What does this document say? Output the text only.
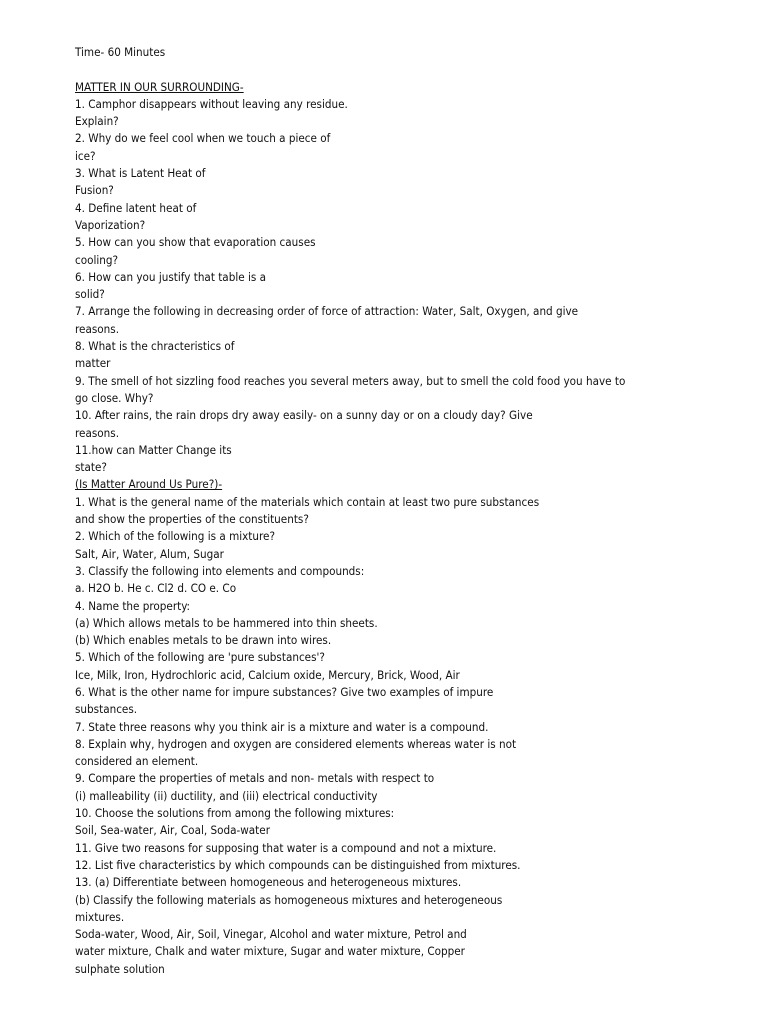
Time- 60 Minutes
MATTER IN OUR SURROUNDING-
1. Camphor disappears without leaving any residue.
Explain?
2. Why do we feel cool when we touch a piece of
ice?
3. What is Latent Heat of
Fusion?
4. Define latent heat of
Vaporization?
5. How can you show that evaporation causes
cooling?
6. How can you justify that table is a
solid?
7. Arrange the following in decreasing order of force of attraction: Water, Salt, Oxygen, and give
reasons.
8. What is the chracteristics of
matter
9. The smell of hot sizzling food reaches you several meters away, but to smell the cold food you have to
go close. Why?
10. After rains, the rain drops dry away easily- on a sunny day or on a cloudy day? Give
reasons.
11.how can Matter Change its
state?
(Is Matter Around Us Pure?)-
1. What is the general name of the materials which contain at least two pure substances
and show the properties of the constituents?
2. Which of the following is a mixture?
Salt, Air, Water, Alum, Sugar
3. Classify the following into elements and compounds:
a. H2O b. He c. Cl2 d. CO e. Co
4. Name the property:
(a) Which allows metals to be hammered into thin sheets.
(b) Which enables metals to be drawn into wires.
5. Which of the following are 'pure substances'?
Ice, Milk, Iron, Hydrochloric acid, Calcium oxide, Mercury, Brick, Wood, Air
6. What is the other name for impure substances? Give two examples of impure
substances.
7. State three reasons why you think air is a mixture and water is a compound.
8. Explain why, hydrogen and oxygen are considered elements whereas water is not
considered an element.
9. Compare the properties of metals and non- metals with respect to
(i) malleability (ii) ductility, and (iii) electrical conductivity
10. Choose the solutions from among the following mixtures:
Soil, Sea-water, Air, Coal, Soda-water
11. Give two reasons for supposing that water is a compound and not a mixture.
12. List five characteristics by which compounds can be distinguished from mixtures.
13. (a) Differentiate between homogeneous and heterogeneous mixtures.
(b) Classify the following materials as homogeneous mixtures and heterogeneous
mixtures.
Soda-water, Wood, Air, Soil, Vinegar, Alcohol and water mixture, Petrol and
water mixture, Chalk and water mixture, Sugar and water mixture, Copper
sulphate solution
